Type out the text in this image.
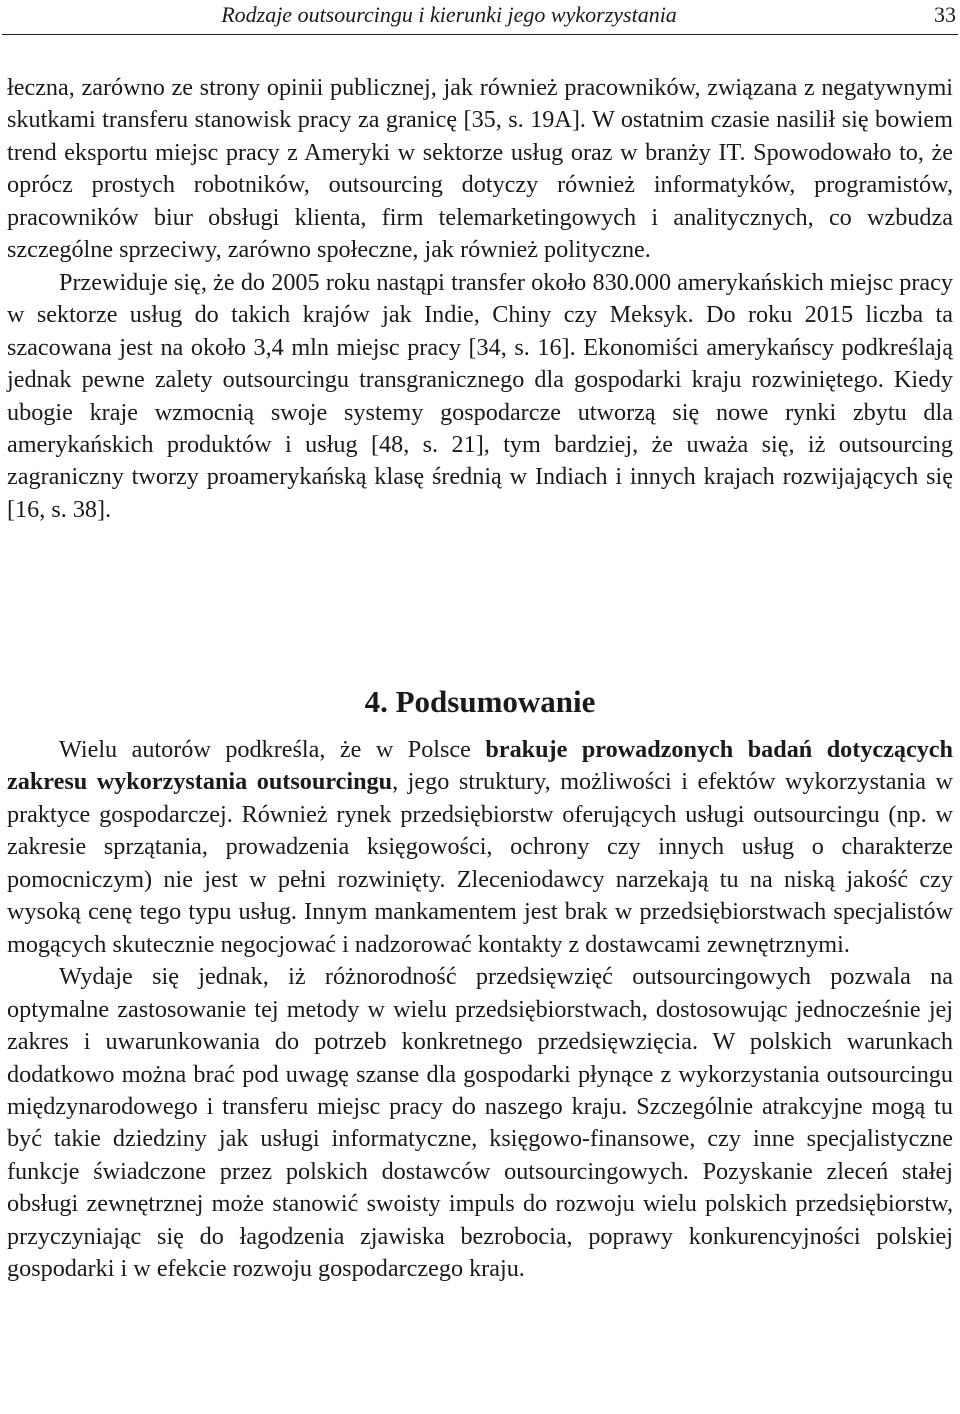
Rodzaje outsourcingu i kierunki jego wykorzystania	33

łeczna, zarówno ze strony opinii publicznej, jak również pracowników, związana z negatywnymi skutkami transferu stanowisk pracy za granicę [35, s. 19A]. W ostatnim czasie nasilił się bowiem trend eksportu miejsc pracy z Ameryki w sektorze usług oraz w branży IT. Spowodowało to, że oprócz prostych robotników, outsourcing dotyczy również informatyków, programistów, pracowników biur obsługi klienta, firm telemarketingowych i analitycznych, co wzbudza szczególne sprzeciwy, zarówno społeczne, jak również polityczne.

Przewiduje się, że do 2005 roku nastąpi transfer około 830.000 amerykańskich miejsc pracy w sektorze usług do takich krajów jak Indie, Chiny czy Meksyk. Do roku 2015 liczba ta szacowana jest na około 3,4 mln miejsc pracy [34, s. 16]. Ekonomiści amerykańscy podkreślają jednak pewne zalety outsourcingu transgranicznego dla gospodarki kraju rozwiniętego. Kiedy ubogie kraje wzmocnią swoje systemy gospodarcze utworzą się nowe rynki zbytu dla amerykańskich produktów i usług [48, s. 21], tym bardziej, że uważa się, iż outsourcing zagraniczny tworzy proamerykańską klasę średnią w Indiach i innych krajach rozwijających się [16, s. 38].

4. Podsumowanie

Wielu autorów podkreśla, że w Polsce brakuje prowadzonych badań dotyczących zakresu wykorzystania outsourcingu, jego struktury, możliwości i efektów wykorzystania w praktyce gospodarczej. Również rynek przedsiębiorstw oferujących usługi outsourcingu (np. w zakresie sprzątania, prowadzenia księgowości, ochrony czy innych usług o charakterze pomocniczym) nie jest w pełni rozwinięty. Zleceniodawcy narzekają tu na niską jakość czy wysoką cenę tego typu usług. Innym mankamentem jest brak w przedsiębiorstwach specjalistów mogących skutecznie negocjować i nadzorować kontakty z dostawcami zewnętrznymi.

Wydaje się jednak, iż różnorodność przedsięwzięć outsourcingowych pozwala na optymalne zastosowanie tej metody w wielu przedsiębiorstwach, dostosowując jednocześnie jej zakres i uwarunkowania do potrzeb konkretnego przedsięwzięcia. W polskich warunkach dodatkowo można brać pod uwagę szanse dla gospodarki płynące z wykorzystania outsourcingu międzynarodowego i transferu miejsc pracy do naszego kraju. Szczególnie atrakcyjne mogą tu być takie dziedziny jak usługi informatyczne, księgowo-finansowe, czy inne specjalistyczne funkcje świadczone przez polskich dostawców outsourcingowych. Pozyskanie zleceń stałej obsługi zewnętrznej może stanowić swoisty impuls do rozwoju wielu polskich przedsiębiorstw, przyczyniając się do łagodzenia zjawiska bezrobocia, poprawy konkurencyjności polskiej gospodarki i w efekcie rozwoju gospodarczego kraju.
